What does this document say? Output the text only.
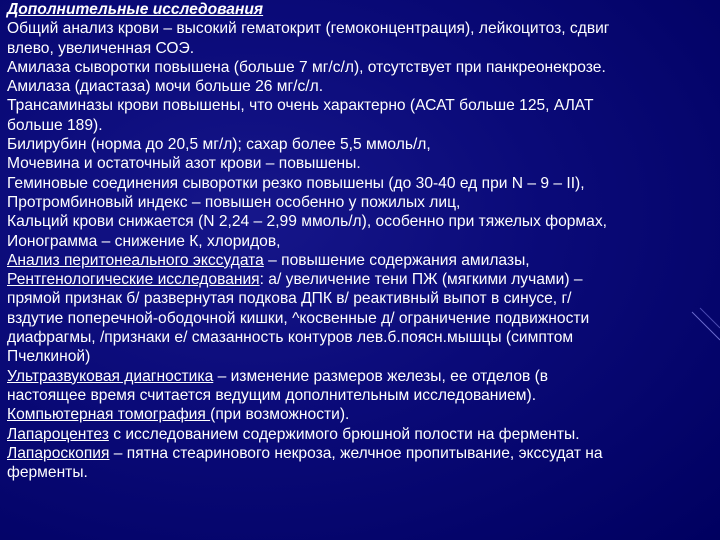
Дополнительные исследования
Общий анализ крови – высокий гематокрит (гемоконцентрация), лейкоцитоз, сдвиг
влево, увеличенная СОЭ.
Амилаза сыворотки повышена (больше 7 мг/с/л), отсутствует при панкреонекрозе.
Амилаза (диастаза) мочи больше 26 мг/с/л.
Трансаминазы крови повышены, что очень характерно (АСАТ больше 125, АЛАТ
больше 189).
Билирубин (норма до 20,5 мг/л); сахар более 5,5 ммоль/л,
Мочевина и остаточный азот крови – повышены.
Геминовые соединения сыворотки резко повышены (до 30-40 ед при N – 9 – II),
Протромбиновый индекс – повышен особенно у пожилых лиц,
Кальций крови снижается (N 2,24 – 2,99 ммоль/л), особенно при тяжелых формах,
Ионограмма – снижение К, хлоридов,
Анализ перитонеального экссудата – повышение содержания амилазы,
Рентгенологические исследования: а/ увеличение тени ПЖ (мягкими лучами) –
прямой признак б/ развернутая подкова ДПК в/ реактивный выпот в синусе, г/
вздутие поперечной-ободочной кишки, ^косвенные д/ ограничение подвижности
диафрагмы, /признаки е/ смазанность контуров лев.б.поясн.мышцы (симптом
Пчелкиной)
Ультразвуковая диагностика – изменение размеров железы, ее отделов (в
настоящее время считается ведущим дополнительным исследованием).
Компьютерная томография (при возможности).
Лапароцентез с исследованием содержимого брюшной полости на ферменты.
Лапароскопия – пятна стеаринового некроза, желчное пропитывание, экссудат на
ферменты.
